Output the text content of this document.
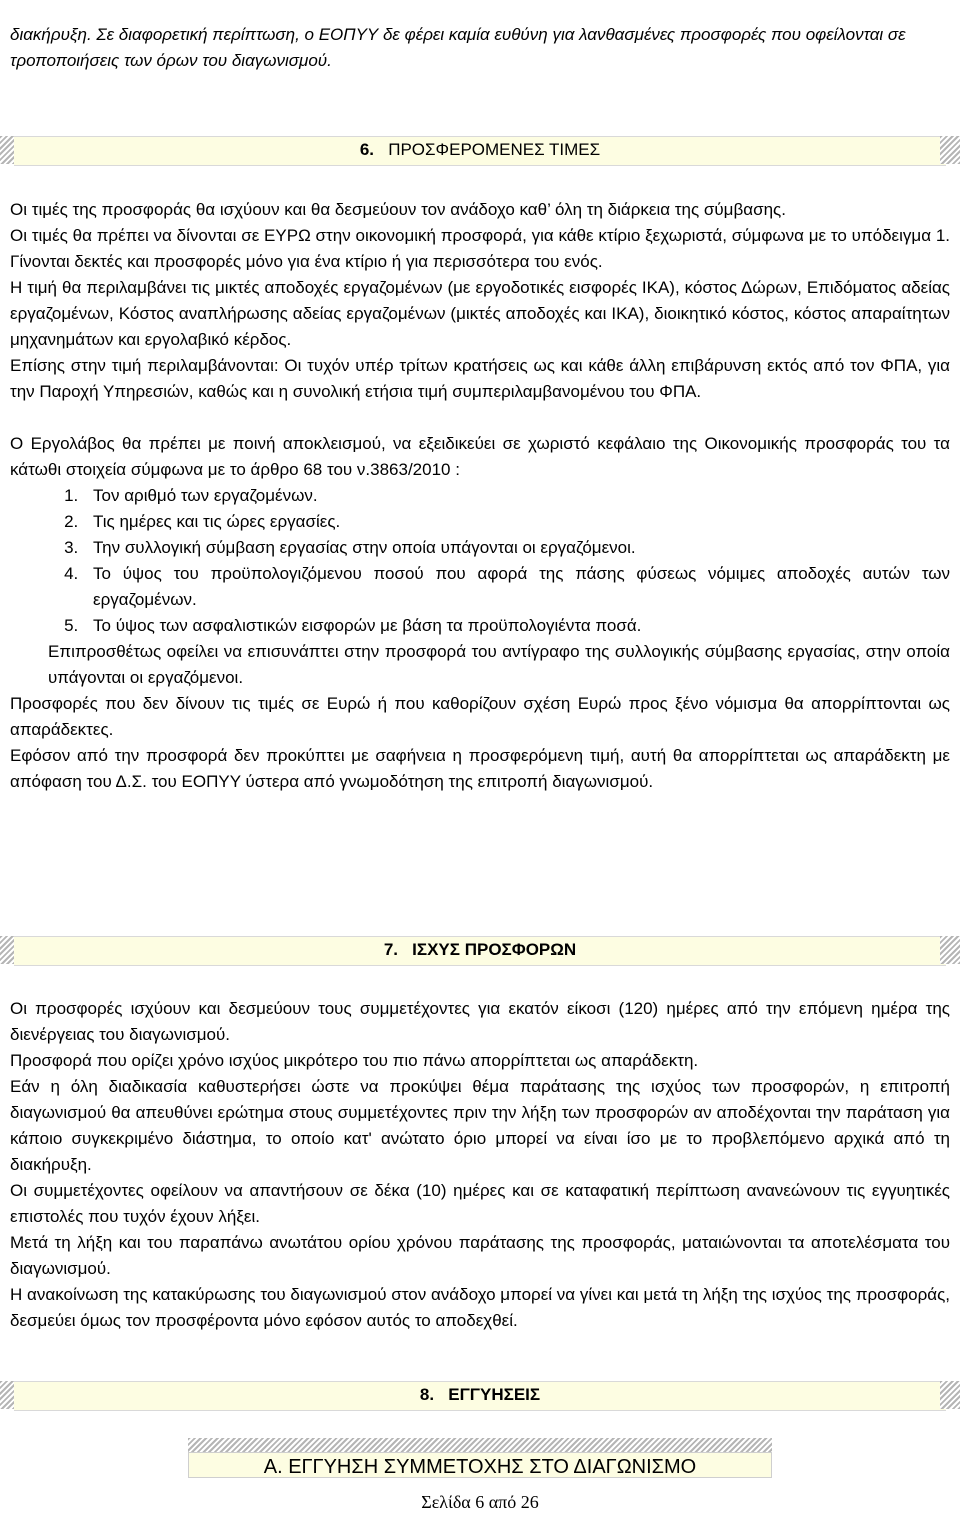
διακήρυξη. Σε διαφορετική περίπτωση, ο ΕΟΠΥΥ δε φέρει καμία ευθύνη για λανθασμένες προσφορές που οφείλονται σε τροποποιήσεις των όρων του διαγωνισμού.
6. ΠΡΟΣΦΕΡΟΜΕΝΕΣ ΤΙΜΕΣ

Οι τιμές της προσφοράς θα ισχύουν και θα δεσμεύουν τον ανάδοχο καθ’ όλη τη διάρκεια της σύμβασης.

Οι τιμές θα πρέπει να δίνονται σε ΕΥΡΩ στην οικονομική προσφορά, για κάθε κτίριο ξεχωριστά, σύμφωνα με το υπόδειγμα 1. Γίνονται δεκτές και προσφορές μόνο για ένα κτίριο ή για περισσότερα του ενός.

Η τιμή θα περιλαμβάνει τις μικτές αποδοχές εργαζομένων (με εργοδοτικές εισφορές ΙΚΑ), κόστος Δώρων, Επιδόματος αδείας εργαζομένων, Κόστος αναπλήρωσης αδείας εργαζομένων (μικτές αποδοχές και ΙΚΑ), διοικητικό κόστος, κόστος απαραίτητων μηχανημάτων και εργολαβικό κέρδος.

Επίσης στην τιμή περιλαμβάνονται: Οι τυχόν υπέρ τρίτων κρατήσεις ως και κάθε άλλη επιβάρυνση εκτός από τον ΦΠΑ, για την Παροχή Υπηρεσιών, καθώς και η συνολική ετήσια τιμή συμπεριλαμβανομένου του ΦΠΑ.

Ο Εργολάβος θα πρέπει με ποινή αποκλεισμού, να εξειδικεύει σε χωριστό κεφάλαιο της Οικονομικής προσφοράς του τα κάτωθι στοιχεία σύμφωνα με το άρθρο 68 του ν.3863/2010 :

1. Τον αριθμό των εργαζομένων.
2. Τις ημέρες και τις ώρες εργασίες.
3. Την συλλογική σύμβαση εργασίας στην οποία υπάγονται οι εργαζόμενοι.
4. Το ύψος του προϋπολογιζόμενου ποσού που αφορά της πάσης φύσεως νόμιμες αποδοχές αυτών των εργαζομένων.
5. Το ύψος των ασφαλιστικών εισφορών με βάση τα προϋπολογιέντα ποσά.

Επιπροσθέτως οφείλει να επισυνάπτει στην προσφορά του αντίγραφο της συλλογικής σύμβασης εργασίας, στην οποία υπάγονται οι εργαζόμενοι.

Προσφορές που δεν δίνουν τις τιμές σε Ευρώ ή που καθορίζουν σχέση Ευρώ προς ξένο νόμισμα θα απορρίπτονται ως απαράδεκτες.

Εφόσον από την προσφορά δεν προκύπτει με σαφήνεια η προσφερόμενη τιμή, αυτή θα απορρίπτεται ως απαράδεκτη με απόφαση του Δ.Σ. του ΕΟΠΥΥ ύστερα από γνωμοδότηση της επιτροπή διαγωνισμού.

7. ΙΣΧΥΣ ΠΡΟΣΦΟΡΩΝ

Οι προσφορές ισχύουν και δεσμεύουν τους συμμετέχοντες για εκατόν είκοσι (120) ημέρες από την επόμενη ημέρα της διενέργειας του διαγωνισμού.

Προσφορά που ορίζει χρόνο ισχύος μικρότερο του πιο πάνω απορρίπτεται ως απαράδεκτη.

Εάν η όλη διαδικασία καθυστερήσει ώστε να προκύψει θέμα παράτασης της ισχύος των προσφορών, η επιτροπή διαγωνισμού θα απευθύνει ερώτημα στους συμμετέχοντες πριν την λήξη των προσφορών αν αποδέχονται την παράταση για κάποιο συγκεκριμένο διάστημα, το οποίο κατ' ανώτατο όριο μπορεί να είναι ίσο με το προβλεπόμενο αρχικά από τη διακήρυξη.

Οι συμμετέχοντες οφείλουν να απαντήσουν σε δέκα (10) ημέρες και σε καταφατική περίπτωση ανανεώνουν τις εγγυητικές επιστολές που τυχόν έχουν λήξει.

Μετά τη λήξη και του παραπάνω ανωτάτου ορίου χρόνου παράτασης της προσφοράς, ματαιώνονται τα αποτελέσματα του διαγωνισμού.

Η ανακοίνωση της κατακύρωσης του διαγωνισμού στον ανάδοχο μπορεί να γίνει και μετά τη λήξη της ισχύος της προσφοράς, δεσμεύει όμως τον προσφέροντα μόνο εφόσον αυτός το αποδεχθεί.

8. ΕΓΓΥΗΣΕΙΣ
Α. ΕΓΓΥΗΣΗ ΣΥΜΜΕΤΟΧΗΣ ΣΤΟ ΔΙΑΓΩΝΙΣΜΟ
Σελίδα 6 από 26
